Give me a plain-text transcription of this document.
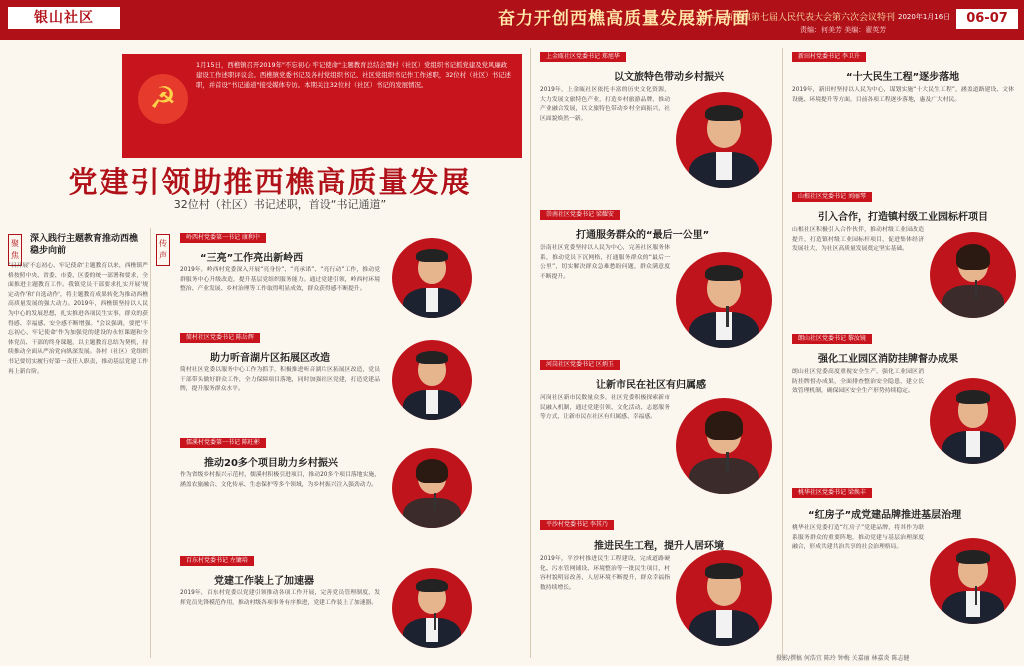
银山社区	奋力开创西樵高质量发展新局面
——西樵镇第七届人民代表大会第六次会议特刊
责编：何美芳 美编：翟英芳
2020年1月16日	06-07
☭
1月15日，西樵镇召开2019年"不忘初心 牢记使命"主题教育总结会暨村（社区）党组织书记抓党建及党风廉政建设工作述职评议会。西樵镇党委书记及各村党组织书记、社区党组织书记作工作述职，32位村（社区）书记述职，并首设"书记通道"接受媒体专访。本期关注32位村（社区）书记的发展情况。
党建引领助推西樵高质量发展
32位村（社区）书记述职，首设“书记通道”
聚焦
深入践行主题教育推动西樵稳步向前
"日开展'不忘初心、牢记使命'主题教育以来，西樵镇严格按照中央、省委、市委、区委的统一部署和要求，全面推进主题教育工作。我镇党员干部要求扎实开展'规定动作'和'自选动作'，将主题教育成果转化为推动西樵高质量发展的强大动力。2019年，西樵镇坚持以人民为中心的发展思想，扎实推进各项民生实事，群众的获得感、幸福感、安全感不断增强。"会议强调，要把'不忘初心、牢记使命'作为加强党的建设的永恒课题和全体党员、干部的终身课题，以主题教育总结为契机，持续推动全面从严治党向纵深发展。各村（社区）党组织书记要切实履行好第一责任人职责，推动基层党建工作再上新台阶。
传声
岭西村党委第一书记 康利中
“三亮”工作亮出新岭西
2019年，岭西村党委深入开展“亮身份”、“亮承诺”、“亮行动”工作，推动党群服务中心升级改造，提升基层党组织服务能力。通过党建引领，岭西村环境整治、产业发展、乡村治理等工作取得明显成效，群众获得感不断提升。
简村社区党委书记 陈岳辉
助力听音湖片区拓展区改造
简村社区党委以服务中心工作为抓手，积极推进听音湖片区拓展区改造，党员干部带头做好群众工作，全力保障项目落地，同时加强社区党建，打造党建品牌，提升服务群众水平。
儒溪村党委第一书记 陈旺彬
推动20多个项目助力乡村振兴
作为省级乡村振兴示范村，儒溪村积极引进项目，推动20多个项目落地实施，涵盖农旅融合、文化传承、生态保护等多个领域，为乡村振兴注入强劲动力。
百东村党委书记 左镛培
党建工作装上了加速器
2019年，百东村党委以党建引领推动各项工作开展，完善党员管理制度，发挥党员先锋模范作用，推动村级各项事务有序推进，党建工作装上了加速器。
上金瓯社区党委书记 郑旭华
以文旅特色带动乡村振兴
2019年，上金瓯社区依托丰富的历史文化资源，大力发展文旅特色产业，打造乡村旅游品牌，推动产业融合发展，以文旅特色带动乡村全面振兴，社区面貌焕然一新。
崇南社区党委书记 梁耀安
打通服务群众的“最后一公里”
崇南社区党委坚持以人民为中心，完善社区服务体系，推动党员下沉网格，打通服务群众的“最后一公里”，切实解决群众急难愁盼问题，群众满意度不断提升。
河岗社区党委书记 区炳玉
让新市民在社区有归属感
河岗社区新市民数量众多，社区党委积极探索新市民融入机制，通过党建引领、文化活动、志愿服务等方式，让新市民在社区有归属感、幸福感。
平沙村党委书记 李其乃
推进民生工程，提升人居环境
2019年，平沙村推进民生工程建设，完成道路硬化、污水管网铺设、环境整治等一批民生项目，村容村貌明显改善，人居环境不断提升，群众幸福指数持续增长。
新田村党委书记 李卫升
“十大民生工程”逐步落地
2019年，新田村坚持以人民为中心，谋划实施“十大民生工程”，涵盖道路建设、文体设施、环境提升等方面，目前各项工程逐步落地，惠及广大村民。
山根社区党委书记 刘丽琴
引入合作，打造镇村级工业园标杆项目
山根社区积极引入合作伙伴，推动村级工业园改造提升，打造镇村级工业园标杆项目，促进集体经济发展壮大，为社区高质量发展奠定坚实基础。
朗山社区党委书记 黎汝镜
强化工业园区消防挂牌督办成果
朗山社区党委高度重视安全生产，强化工业园区消防挂牌督办成果，全面排查整治安全隐患，建立长效管理机制，确保园区安全生产形势持续稳定。
桃华社区党委书记 梁焕丰
“红房子”成党建品牌推进基层治理
桃华社区党委打造“红房子”党建品牌，将其作为联系服务群众的重要阵地，推动党建与基层治理深度融合，形成共建共治共享的社会治理格局。
摄影/撰稿 何浩宜 陈玲 钟梅 关嘉丽 林嘉炎 陈志健
